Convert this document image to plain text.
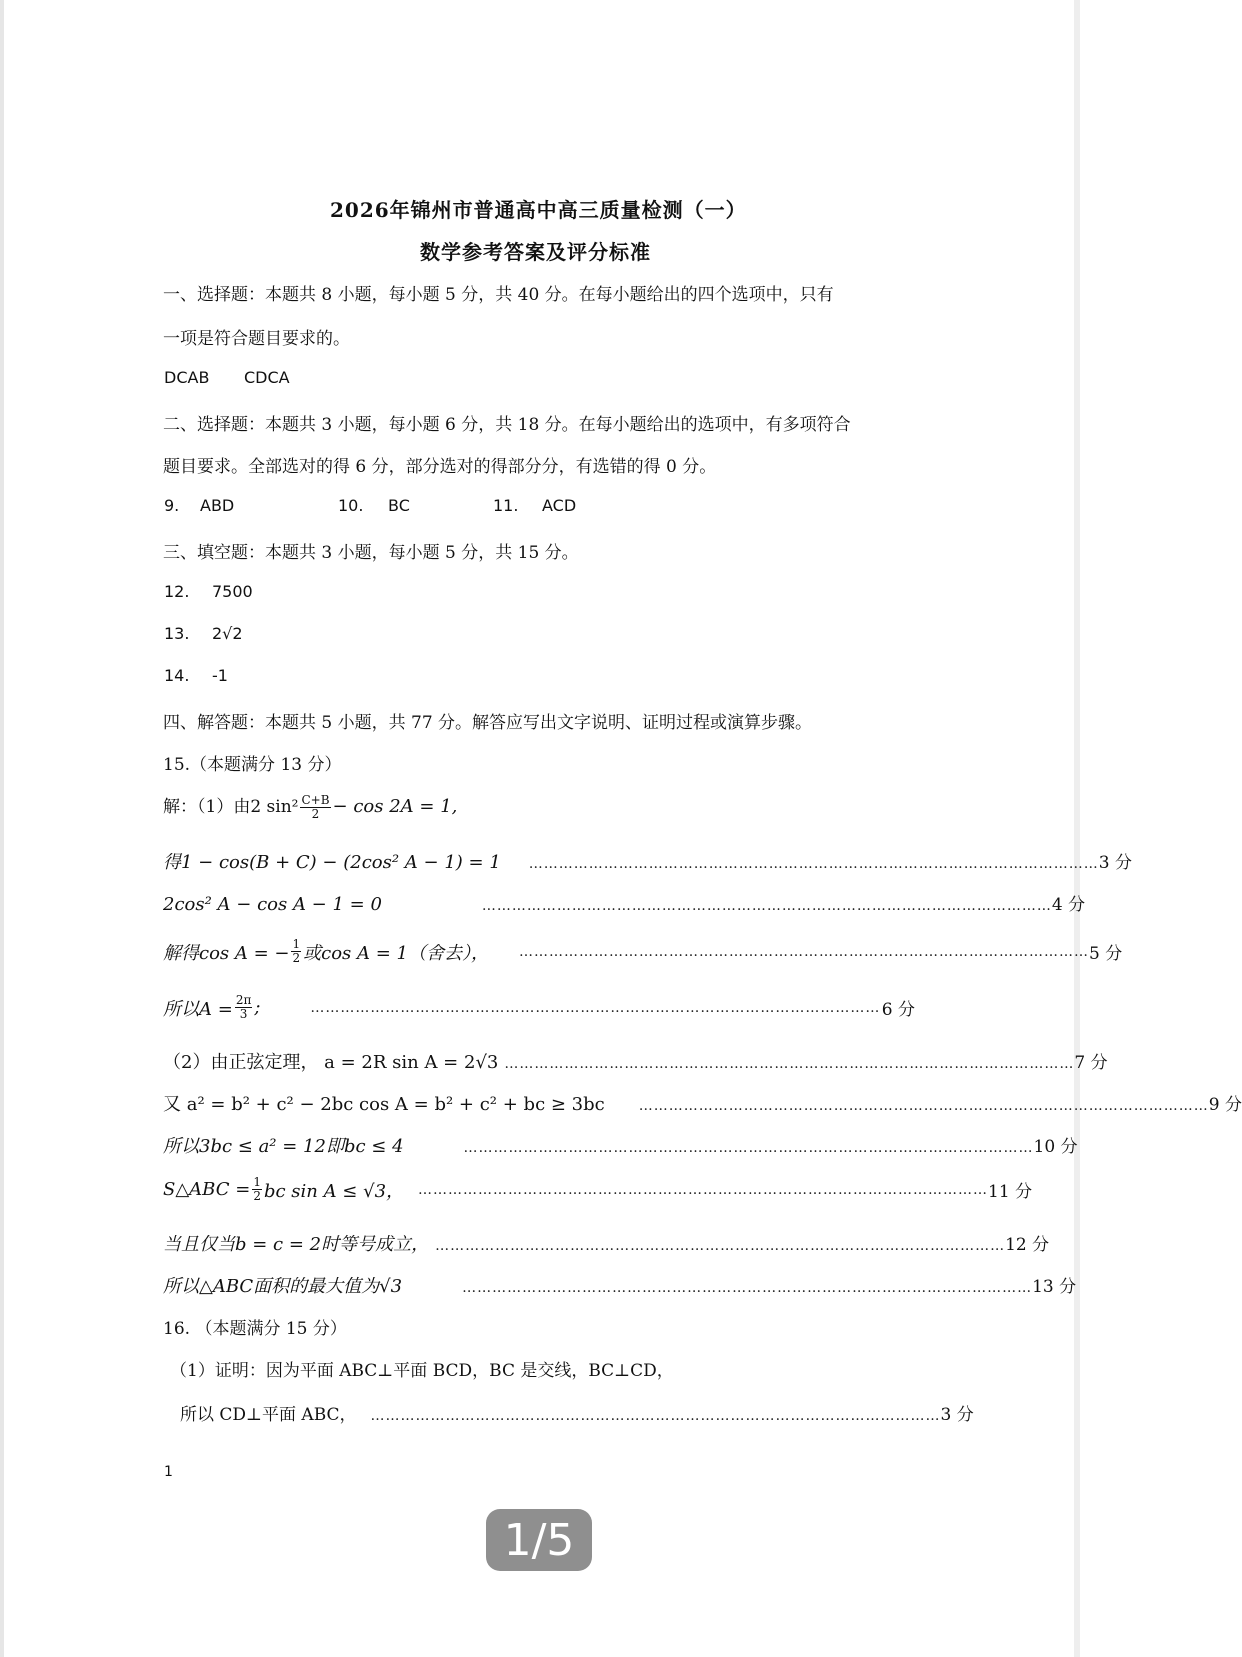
2026年锦州市普通高中高三质量检测（一）
数学参考答案及评分标准
一、选择题：本题共 8 小题，每小题 5 分，共 40 分。在每小题给出的四个选项中，只有
一项是符合题目要求的。
DCAB CDCA
二、选择题：本题共 3 小题，每小题 6 分，共 18 分。在每小题给出的选项中，有多项符合
题目要求。全部选对的得 6 分，部分选对的得部分分，有选错的得 0 分。
9. ABD	10. BC	11. ACD
三、填空题：本题共 3 小题，每小题 5 分，共 15 分。
12. 7500
13. 2√2
14. -1
四、解答题：本题共 5 小题，共 77 分。解答应写出文字说明、证明过程或演算步骤。
15.（本题满分 13 分）
解：（1）由2 $\sin^2 \frac{C+B}{2} - \cos 2A = 1$,
得1 − cos(B + C) − (2cos² A − 1) = 1 …………………………………………………………………………………………………… 3 分
2cos² A − cos A − 1 = 0	…………………………………………………………………………………………………… 4 分
解得cos A = − $\frac{1}{2}$ 或cos A = 1（舍去）， …………………………………………………………………………………………………… 5 分
所以$A = \frac{2\pi}{3}$ ;	…………………………………………………………………………………………………… 6 分
（2）由正弦定理， a = 2R sin A = 2√3 …………………………………………………………………………………………………… 7 分
又 a² = b² + c² − 2bc cos A = b² + c² + bc ≥ 3bc …………………………………………………………………………………………………… 9 分
所以3bc ≤ a² = 12即bc ≤ 4	…………………………………………………………………………………………………… 10 分
S△ABC = $\frac{1}{2}$ bc sin A ≤ √3， …………………………………………………………………………………………………… 11 分
当且仅当b = c = 2时等号成立， …………………………………………………………………………………………………… 12 分
所以△ABC面积的最大值为√3	…………………………………………………………………………………………………… 13 分
16. （本题满分 15 分）
（1）证明：因为平面 ABC⊥平面 BCD，BC 是交线，BC⊥CD，
所以 CD⊥平面 ABC， …………………………………………………………………………………………………… 3 分
1
1/5
